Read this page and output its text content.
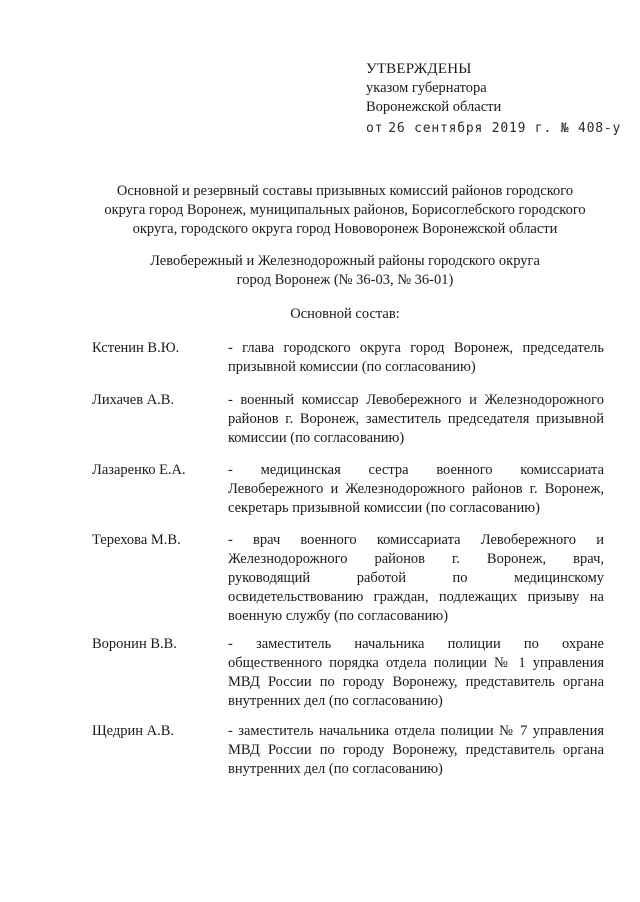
УТВЕРЖДЕНЫ
указом губернатора
Воронежской области
от 26 сентября 2019 г. № 408-у
Основной и резервный составы призывных комиссий районов городского
округа город Воронеж, муниципальных районов, Борисоглебского городского
округа, городского округа город Нововоронеж Воронежской области
Левобережный и Железнодорожный районы городского округа
город Воронеж (№ 36-03, № 36-01)
Основной состав:
Кстенин В.Ю.	- глава городского округа город Воронеж, председатель
призывной комиссии (по согласованию)
Лихачев А.В.	- военный комиссар Левобережного и Железнодорожного
районов г. Воронеж, заместитель председателя призывной
комиссии (по согласованию)
Лазаренко Е.А.	- медицинская сестра военного комиссариата
Левобережного и Железнодорожного районов г. Воронеж,
секретарь призывной комиссии (по согласованию)
Терехова М.В.	- врач военного комиссариата Левобережного и
Железнодорожного районов г. Воронеж, врач,
руководящий работой по медицинскому
освидетельствованию граждан, подлежащих призыву на
военную службу (по согласованию)
Воронин В.В.	- заместитель начальника полиции по охране
общественного порядка отдела полиции № 1 управления
МВД России по городу Воронежу, представитель органа
внутренних дел (по согласованию)
Щедрин А.В.	- заместитель начальника отдела полиции № 7 управления
МВД России по городу Воронежу, представитель органа
внутренних дел (по согласованию)
